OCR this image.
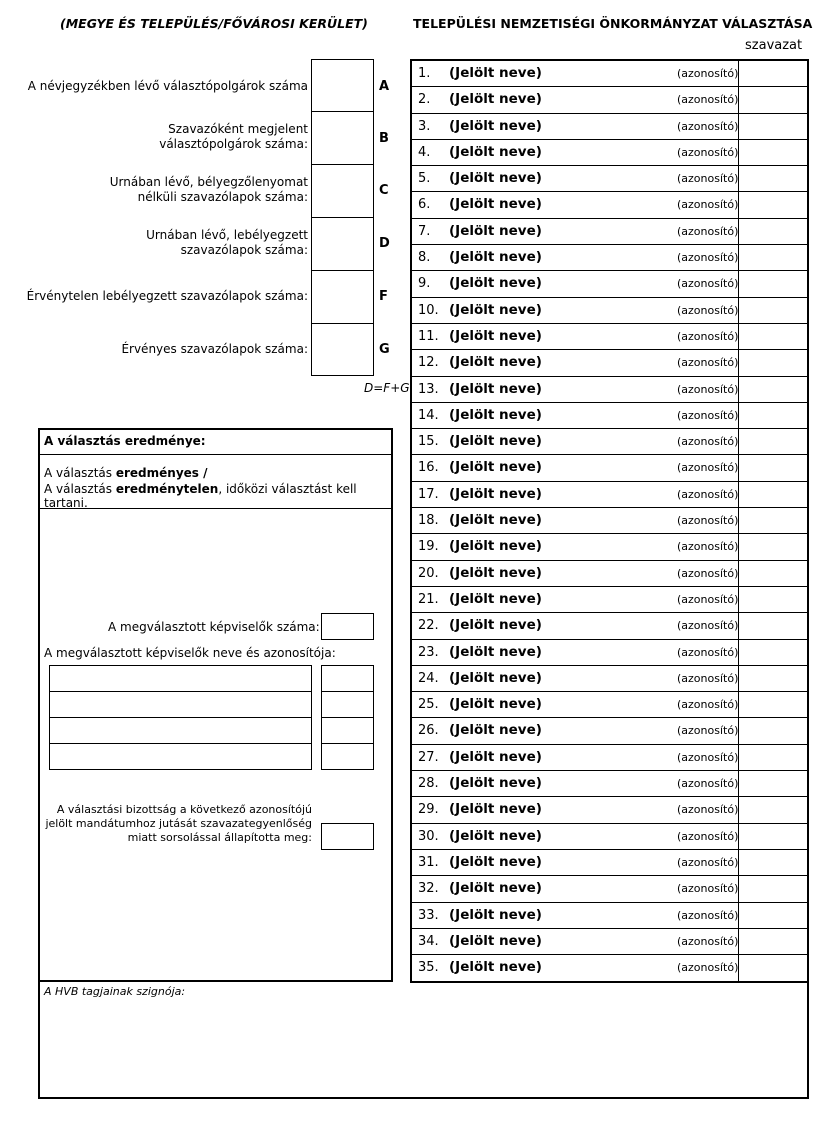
(MEGYE ÉS TELEPÜLÉS/FŐVÁROSI KERÜLET)	TELEPÜLÉSI NEMZETISÉGI ÖNKORMÁNYZAT VÁLASZTÁSA
szavazat
A névjegyzékben lévő választópolgárok száma	A
Szavazóként megjelent választópolgárok száma:	B
Urnában lévő, bélyegzőlenyomat nélküli szavazólapok száma:	C
Urnában lévő, lebélyegzett szavazólapok száma:	D
Érvénytelen lebélyegzett szavazólapok száma:	F
Érvényes szavazólapok száma:	G
D=F+G
A választás eredménye:
A választás eredményes /
A választás eredménytelen, időközi választást kell tartani.
A megválasztott képviselők száma:
A megválasztott képviselők neve és azonosítója:
A választási bizottság a következő azonosítójú jelölt mandátumhoz jutását szavazategyenlőség miatt sorsolással állapította meg:
A HVB tagjainak szignója:
1. (Jelölt neve)	(azonosító)
2. (Jelölt neve)	(azonosító)
3. (Jelölt neve)	(azonosító)
4. (Jelölt neve)	(azonosító)
5. (Jelölt neve)	(azonosító)
6. (Jelölt neve)	(azonosító)
7. (Jelölt neve)	(azonosító)
8. (Jelölt neve)	(azonosító)
9. (Jelölt neve)	(azonosító)
10. (Jelölt neve)	(azonosító)
11. (Jelölt neve)	(azonosító)
12. (Jelölt neve)	(azonosító)
13. (Jelölt neve)	(azonosító)
14. (Jelölt neve)	(azonosító)
15. (Jelölt neve)	(azonosító)
16. (Jelölt neve)	(azonosító)
17. (Jelölt neve)	(azonosító)
18. (Jelölt neve)	(azonosító)
19. (Jelölt neve)	(azonosító)
20. (Jelölt neve)	(azonosító)
21. (Jelölt neve)	(azonosító)
22. (Jelölt neve)	(azonosító)
23. (Jelölt neve)	(azonosító)
24. (Jelölt neve)	(azonosító)
25. (Jelölt neve)	(azonosító)
26. (Jelölt neve)	(azonosító)
27. (Jelölt neve)	(azonosító)
28. (Jelölt neve)	(azonosító)
29. (Jelölt neve)	(azonosító)
30. (Jelölt neve)	(azonosító)
31. (Jelölt neve)	(azonosító)
32. (Jelölt neve)	(azonosító)
33. (Jelölt neve)	(azonosító)
34. (Jelölt neve)	(azonosító)
35. (Jelölt neve)	(azonosító)
